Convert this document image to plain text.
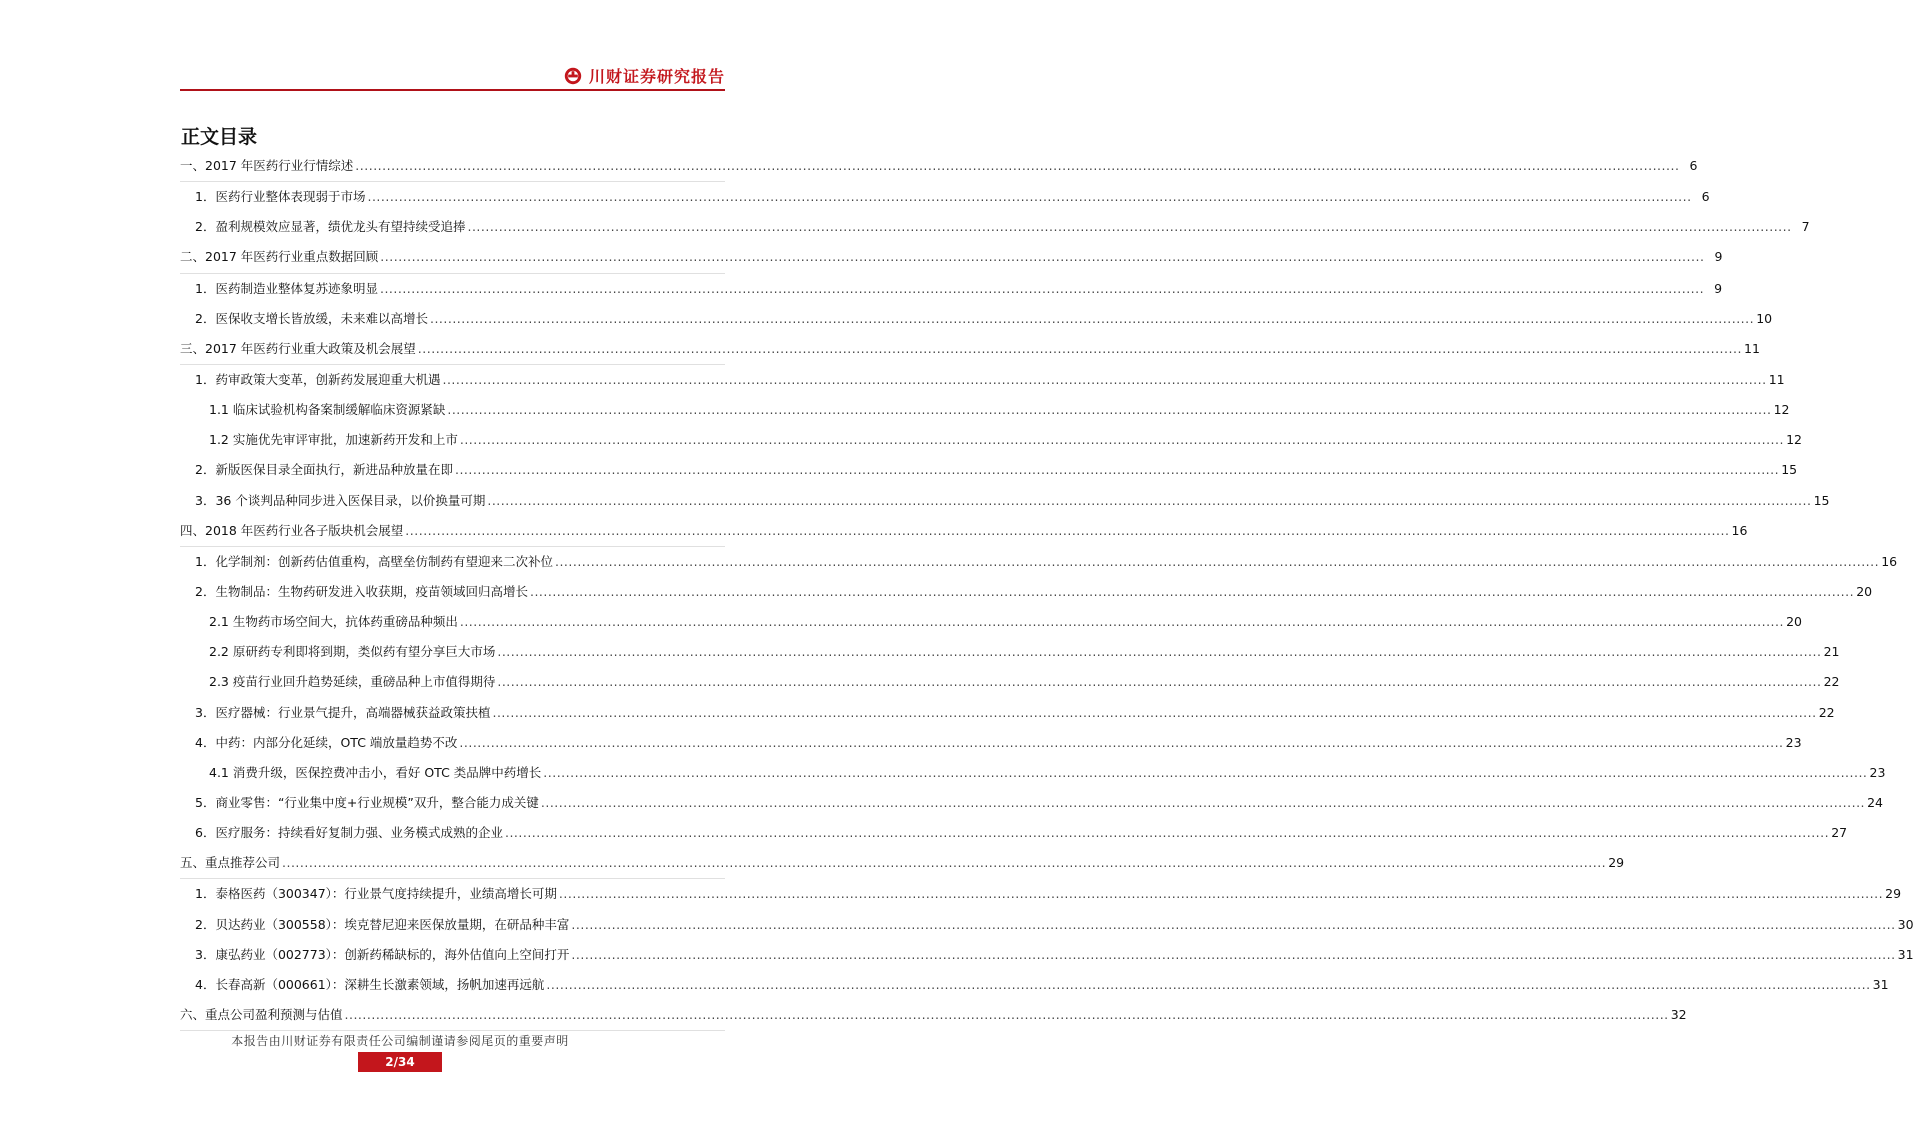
川财证券研究报告
正文目录
一、2017 年医药行业行情综述 .....	6
1．医药行业整体表现弱于市场 .....	6
2．盈利规模效应显著，绩优龙头有望持续受追捧 .....	7
二、2017 年医药行业重点数据回顾 .....	9
1．医药制造业整体复苏迹象明显 .....	9
2．医保收支增长皆放缓，未来难以高增长 .....	10
三、2017 年医药行业重大政策及机会展望 .....	11
1．药审政策大变革，创新药发展迎重大机遇 .....	11
1.1 临床试验机构备案制缓解临床资源紧缺 .....	12
1.2 实施优先审评审批，加速新药开发和上市 .....	12
2．新版医保目录全面执行，新进品种放量在即 .....	15
3．36 个谈判品种同步进入医保目录，以价换量可期 .....	15
四、2018 年医药行业各子版块机会展望 .....	16
1．化学制剂：创新药估值重构，高壁垒仿制药有望迎来二次补位 .....	16
2．生物制品：生物药研发进入收获期，疫苗领域回归高增长 .....	20
2.1 生物药市场空间大，抗体药重磅品种频出 .....	20
2.2 原研药专利即将到期，类似药有望分享巨大市场 .....	21
2.3 疫苗行业回升趋势延续，重磅品种上市值得期待 .....	22
3．医疗器械：行业景气提升，高端器械获益政策扶植 .....	22
4．中药：内部分化延续，OTC 端放量趋势不改 .....	23
4.1 消费升级，医保控费冲击小，看好 OTC 类品牌中药增长 .....	23
5．商业零售：“行业集中度+行业规模”双升，整合能力成关键 .....	24
6．医疗服务：持续看好复制力强、业务模式成熟的企业 .....	27
五、重点推荐公司 .....	29
1．泰格医药（300347）：行业景气度持续提升，业绩高增长可期 .....	29
2．贝达药业（300558）：埃克替尼迎来医保放量期，在研品种丰富 .....	30
3．康弘药业（002773）：创新药稀缺标的，海外估值向上空间打开 .....	31
4．长春高新（000661）：深耕生长激素领域，扬帆加速再远航 .....	31
六、重点公司盈利预测与估值 .....	32
本报告由川财证券有限责任公司编制谨请参阅尾页的重要声明
2/34
